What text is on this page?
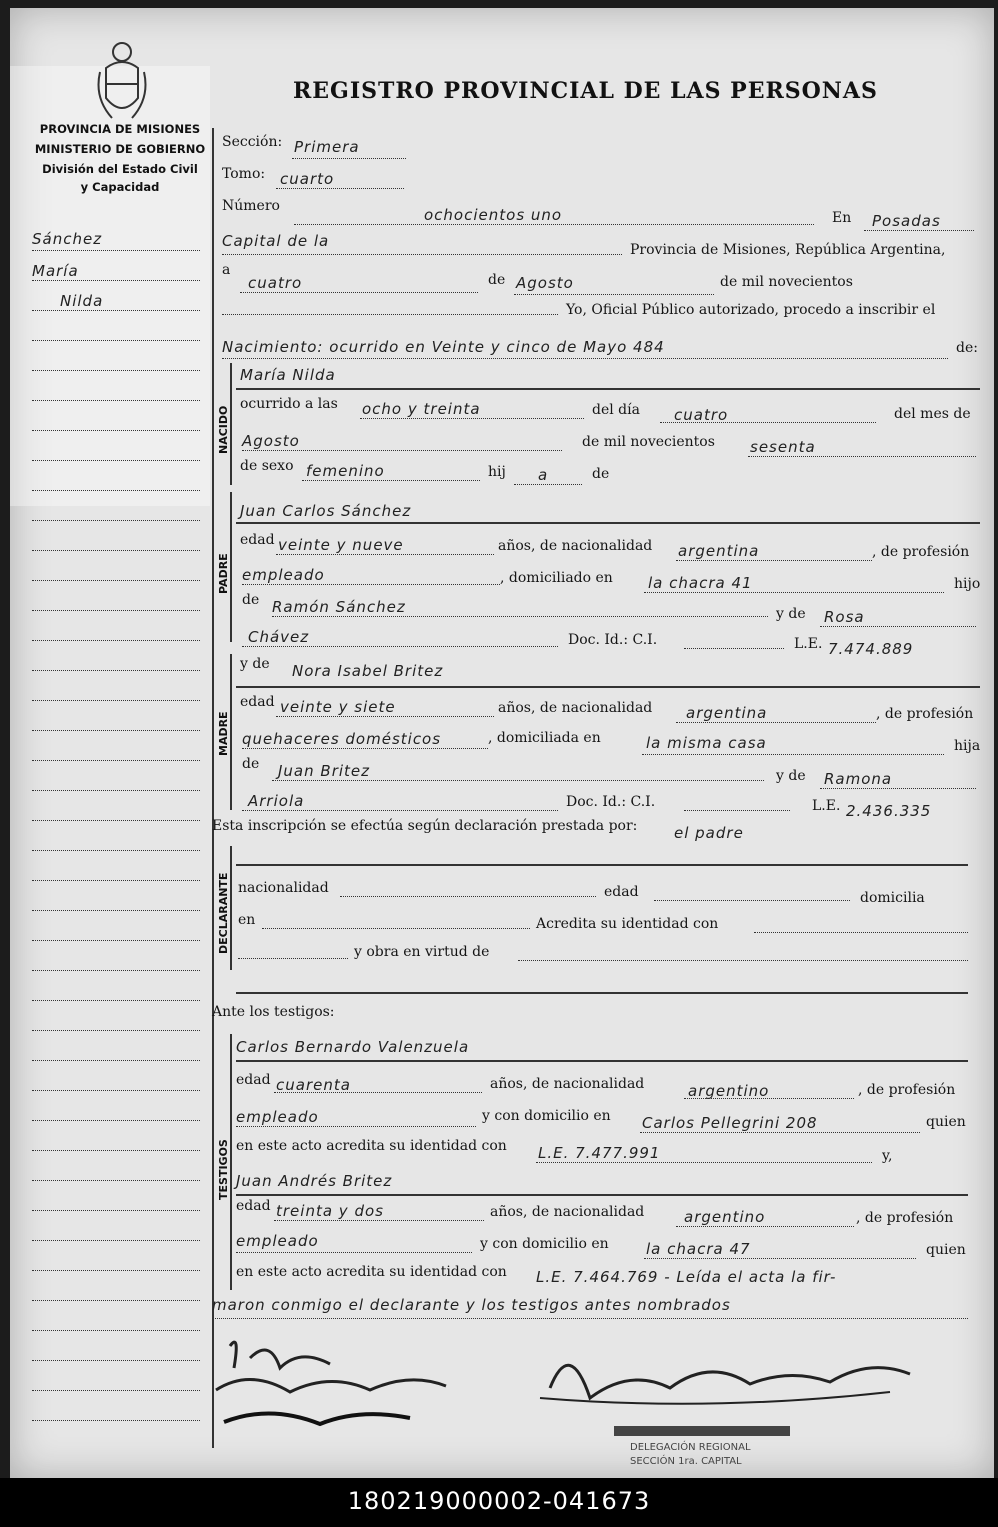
REGISTRO PROVINCIAL DE LAS PERSONAS
PROVINCIA DE MISIONES
MINISTERIO DE GOBIERNO
División del Estado Civil
y Capacidad
Sánchez
María
Nilda
Sección: Primera
Tomo: cuarto
Número	ochocientos uno	En Posadas
Capital de la	Provincia de Misiones, República Argentina,
a
cuatro	de Agosto	de mil novecientos
Yo, Oficial Público autorizado, procedo a inscribir el
Nacimiento: ocurrido en Veinte y cinco de Mayo 484	de:
NACIDO
María Nilda
ocurrido a las ocho y treinta	del día cuatro	del mes de
Agosto	de mil novecientos sesenta
de sexo femenino	hij a	de
PADRE
Juan Carlos Sánchez
edad veinte y nueve	años, de nacionalidad argentina	, de profesión
empleado	, domiciliado en la chacra 41	hijo
de Ramón Sánchez	y de Rosa
Chávez	Doc. Id.: C.I.	L.E. 7.474.889
MADRE
y de Nora Isabel Britez
edad veinte y siete	años, de nacionalidad argentina	, de profesión
quehaceres domésticos	, domiciliada en	la misma casa	hija
de Juan Britez	y de Ramona
Arriola	Doc. Id.: C.I.	L.E. 2.436.335
Esta inscripción se efectúa según declaración prestada por: el padre
DECLARANTE nacionalidad	edad	domicilia
en	Acredita su identidad con
y obra en virtud de
Ante los testigos:
TESTIGOS
Carlos Bernardo Valenzuela
edad cuarenta	años, de nacionalidad	argentino	, de profesión
empleado	y con domicilio en Carlos Pellegrini 208	quien
en este acto acredita su identidad con L.E. 7.477.991	y,
Juan Andrés Britez
edad treinta y dos	años, de nacionalidad	argentino	, de profesión
empleado	y con domicilio en la chacra 47	quien
en este acto acredita su identidad con L.E. 7.464.769 - Leída el acta la fir-
maron conmigo el declarante y los testigos antes nombrados
DELEGACIÓN REGIONAL
SECCIÓN 1ra. CAPITAL
180219000002-041673
